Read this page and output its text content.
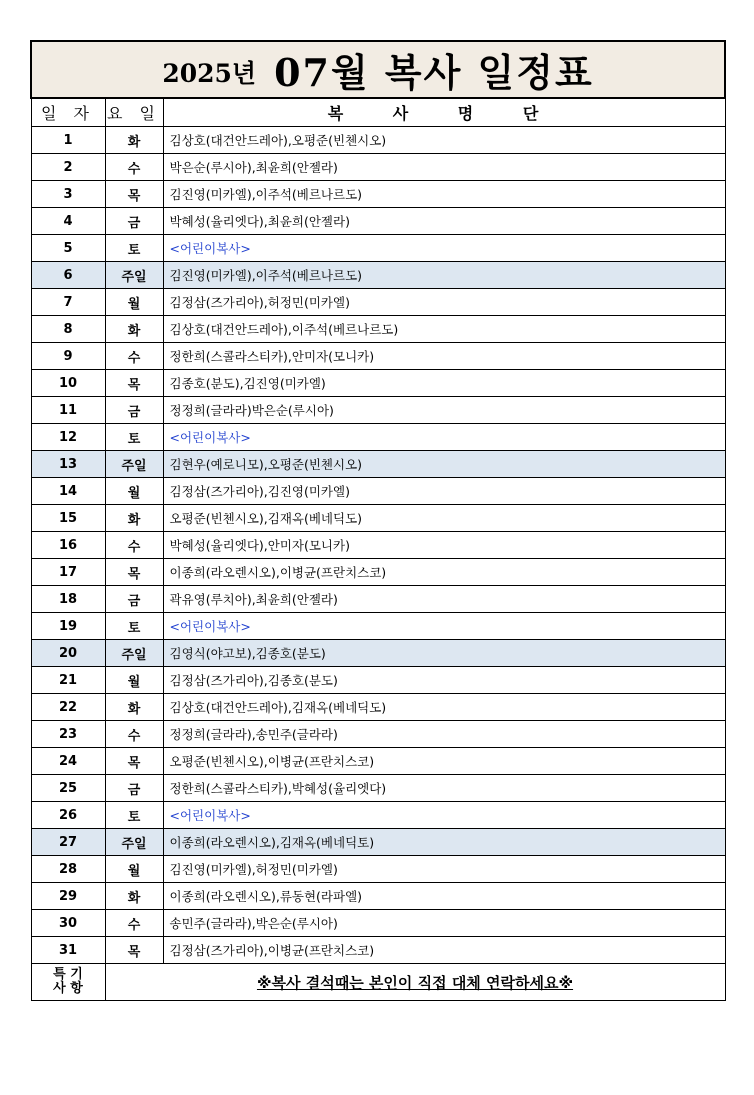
2025년 07월 복사 일정표		
일 자	요 일	복 사 명 단
1	화	김상호(대건안드레아),오평준(빈첸시오)
2	수	박은순(루시아),최윤희(안젤라)
3	목	김진영(미카엘),이주석(베르나르도)
4	금	박혜성(율리엣다),최윤희(안젤라)
5	토	<어린이복사>
6	주일	김진영(미카엘),이주석(베르나르도)
7	월	김정삼(즈가리아),허정민(미카엘)
8	화	김상호(대건안드레아),이주석(베르나르도)
9	수	정한희(스콜라스티카),안미자(모니카)
10	목	김종호(분도),김진영(미카엘)
11	금	정정희(글라라)박은순(루시아)
12	토	<어린이복사>
13	주일	김현우(예로니모),오평준(빈첸시오)
14	월	김정삼(즈가리아),김진영(미카엘)
15	화	오평준(빈첸시오),김재옥(베네딕도)
16	수	박혜성(율리엣다),안미자(모니카)
17	목	이종희(라오렌시오),이병균(프란치스코)
18	금	곽유영(루치아),최윤희(안젤라)
19	토	<어린이복사>
20	주일	김영식(야고보),김종호(분도)
21	월	김정삼(즈가리아),김종호(분도)
22	화	김상호(대건안드레아),김재옥(베네딕도)
23	수	정정희(글라라),송민주(글라라)
24	목	오평준(빈첸시오),이병균(프란치스코)
25	금	정한희(스콜라스티카),박혜성(율리엣다)
26	토	<어린이복사>
27	주일	이종희(라오렌시오),김재옥(베네딕토)
28	월	김진영(미카엘),허정민(미카엘)
29	화	이종희(라오렌시오),류동현(라파엘)
30	수	송민주(글라라),박은순(루시아)
31	목	김정삼(즈가리아),이병균(프란치스코)

특 기
사 항	※복사 결석때는 본인이 직접 대체 연락하세요※	
